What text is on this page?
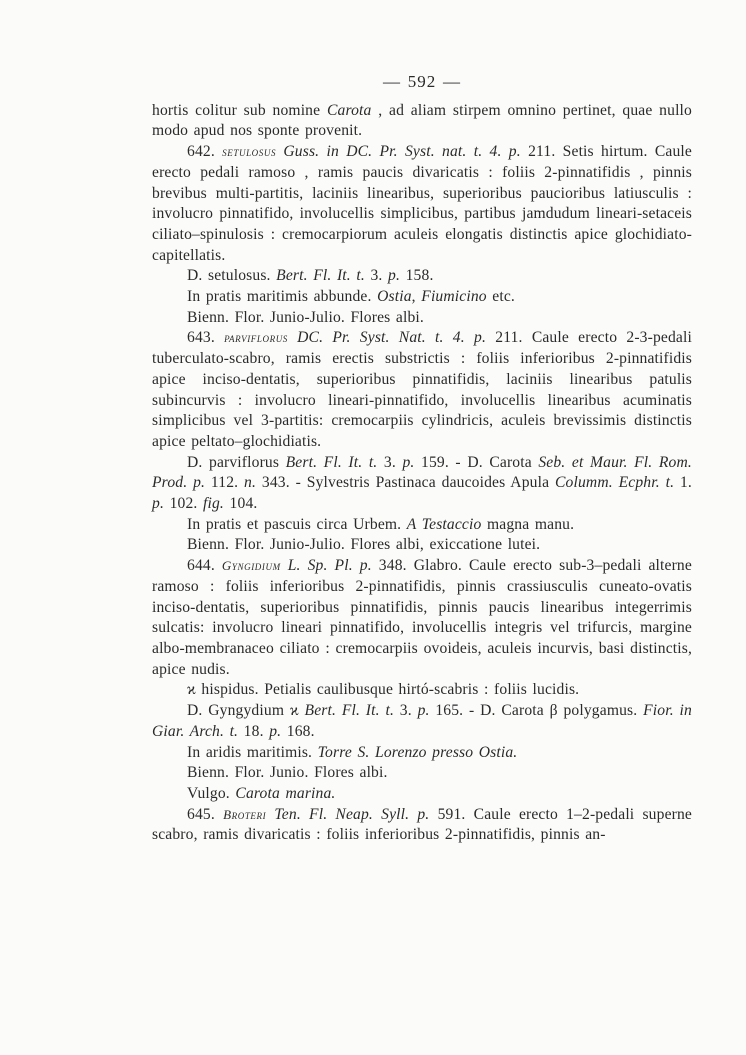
— 592 —

hortis colitur sub nomine Carota , ad aliam stirpem omnino pertinet, quae nullo modo apud nos sponte provenit.

642. setulosus Guss. in DC. Pr. Syst. nat. t. 4. p. 211. Setis hirtum. Caule erecto pedali ramoso , ramis paucis divaricatis : foliis 2-pinnatifidis , pinnis brevibus multi-partitis, laciniis linearibus, superioribus paucioribus latiusculis : involucro pinnatifido, involucellis simplicibus, partibus jamdudum lineari-setaceis ciliato–spinulosis : cremocarpiorum aculeis elongatis distinctis apice glochidiato-capitellatis.

D. setulosus. Bert. Fl. It. t. 3. p. 158.

In pratis maritimis abbunde. Ostia, Fiumicino etc.

Bienn. Flor. Junio-Julio. Flores albi.

643. parviflorus DC. Pr. Syst. Nat. t. 4. p. 211. Caule erecto 2-3-pedali tuberculato-scabro, ramis erectis substrictis : foliis inferioribus 2-pinnatifidis apice inciso-dentatis, superioribus pinnatifidis, laciniis linearibus patulis subincurvis : involucro lineari-pinnatifido, involucellis linearibus acuminatis simplicibus vel 3-partitis: cremocarpiis cylindricis, aculeis brevissimis distinctis apice peltato–glochidiatis.

D. parviflorus Bert. Fl. It. t. 3. p. 159. - D. Carota Seb. et Maur. Fl. Rom. Prod. p. 112. n. 343. - Sylvestris Pastinaca daucoides Apula Columm. Ecphr. t. 1. p. 102. fig. 104.

In pratis et pascuis circa Urbem. A Testaccio magna manu.

Bienn. Flor. Junio-Julio. Flores albi, exiccatione lutei.

644. Gyngidium L. Sp. Pl. p. 348. Glabro. Caule erecto sub-3–pedali alterne ramoso : foliis inferioribus 2-pinnatifidis, pinnis crassiusculis cuneato-ovatis inciso-dentatis, superioribus pinnatifidis, pinnis paucis linearibus integerrimis sulcatis: involucro lineari pinnatifido, involucellis integris vel trifurcis, margine albo-membranaceo ciliato : cremocarpiis ovoideis, aculeis incurvis, basi distinctis, apice nudis.

ϰ hispidus. Petialis caulibusque hirtó-scabris : foliis lucidis.

D. Gyngydium ϰ Bert. Fl. It. t. 3. p. 165. - D. Carota β polygamus. Fior. in Giar. Arch. t. 18. p. 168.

In aridis maritimis. Torre S. Lorenzo presso Ostia.

Bienn. Flor. Junio. Flores albi.

Vulgo. Carota marina.

645. Broteri Ten. Fl. Neap. Syll. p. 591. Caule erecto 1–2-pedali superne scabro, ramis divaricatis : foliis inferioribus 2-pinnatifidis, pinnis an-
